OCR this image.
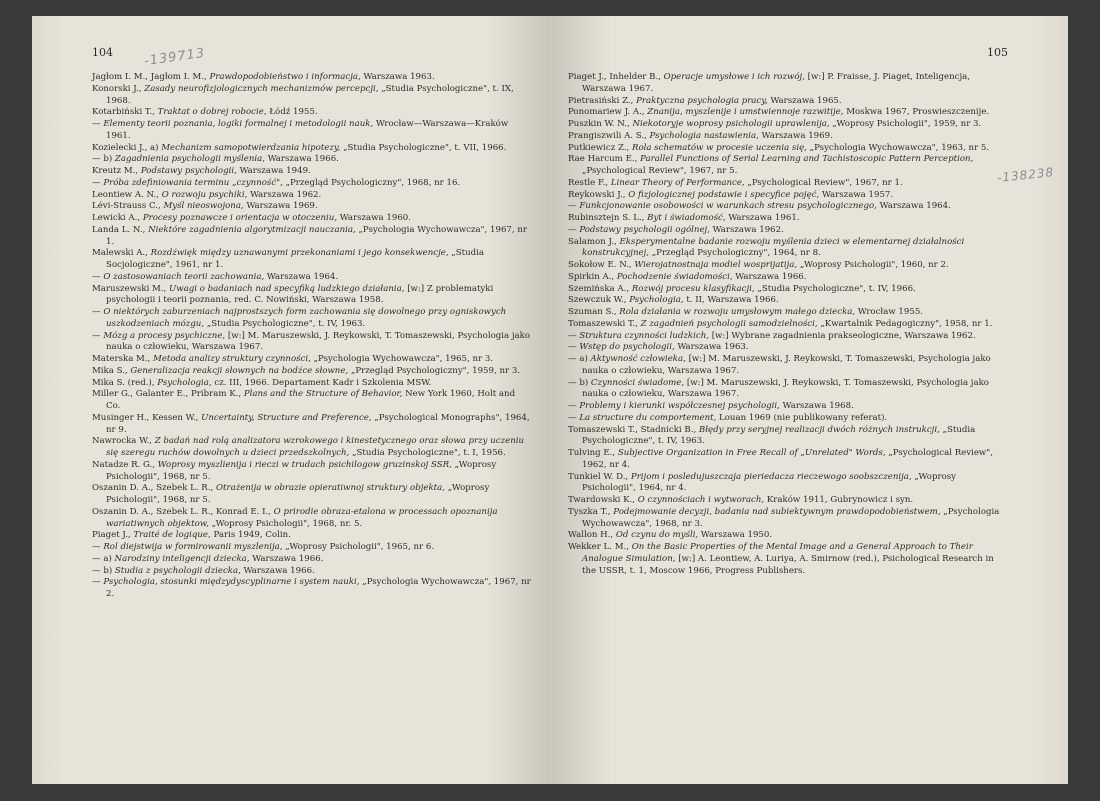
104 -139713

Jagłom I. M., Jagłom I. M., Prawdopodobieństwo i informacja, Warszawa 1963.

Konorski J., Zasady neurofizjologicznych mechanizmów percepcji, „Studia Psychologiczne", t. IX, 1968.

Kotarbiński T., Traktat o dobrej robocie, Łódź 1955.

— Elementy teorii poznania, logiki formalnej i metodologii nauk, Wrocław—Warszawa—Kraków 1961.

Kozielecki J., a) Mechanizm samopotwierdzania hipotezy, „Studia Psychologiczne", t. VII, 1966.

— b) Zagadnienia psychologii myślenia, Warszawa 1966.

Kreutz M., Podstawy psychologii, Warszawa 1949.

— Próba zdefiniowania terminu „czynność", „Przegląd Psychologiczny", 1968, nr 16.

Leontiew A. N., O rozwoju psychiki, Warszawa 1962.

Lévi-Strauss C., Myśl nieoswojona, Warszawa 1969.

Lewicki A., Procesy poznawcze i orientacja w otoczeniu, Warszawa 1960.

Landa L. N., Niektóre zagadnienia algorytmizacji nauczania, „Psychologia Wychowawcza", 1967, nr 1.

Malewski A., Rozdźwięk między uznawanymi przekonaniami i jego konsekwencje, „Studia Socjologiczne", 1961, nr 1.

— O zastosowaniach teorii zachowania, Warszawa 1964.

Maruszewski M., Uwagi o badaniach nad specyfiką ludzkiego działania, [w:] Z problematyki psychologii i teorii poznania, red. C. Nowiński, Warszawa 1958.

— O niektórych zaburzeniach najprostszych form zachowania się dowolnego przy ogniskowych uszkodzeniach mózgu, „Studia Psychologiczne", t. IV, 1963.

— Mózg a procesy psychiczne, [w:] M. Maruszewski, J. Reykowski, T. Tomaszewski, Psychologia jako nauka o człowieku, Warszawa 1967.

Materska M., Metoda analizy struktury czynności, „Psychologia Wychowawcza", 1965, nr 3.

Mika S., Generalizacja reakcji słownych na bodźce słowne, „Przegląd Psychologiczny", 1959, nr 3.

Mika S. (red.), Psychologia, cz. III, 1966. Departament Kadr i Szkolenia MSW.

Miller G., Galanter E., Pribram K., Plans and the Structure of Behavior, New York 1960, Holt and Co.

Musinger H., Kessen W., Uncertainty, Structure and Preference, „Psychological Monographs", 1964, nr 9.

Nawrocka W., Z badań nad rolą analizatora wzrokowego i kinestetycznego oraz słowa przy uczeniu się szeregu ruchów dowolnych u dzieci przedszkolnych, „Studia Psychologiczne", t. I, 1956.

Natadze R. G., Woprosy myszlienija i rieczi w trudach psichilogow gruzinskoj SSR, „Woprosy Psichologii", 1968, nr 5.

Oszanin D. A., Szebek L. R., Otrażenija w obrazie opieratiwnoj struktury objekta, „Woprosy Psichologii", 1968, nr 5.

Oszanin D. A., Szebek L. R., Konrad E. I., O prirodie obraza-etalona w processach opoznanija wariatiwnych objektow, „Woprosy Psichologii", 1968, nr. 5.

Piaget J., Traité de logique, Paris 1949, Colin.

— Rol diejstwija w formirowanii myszlenija, „Woprosy Psichologii", 1965, nr 6.

— a) Narodziny inteligencji dziecka, Warszawa 1966.

— b) Studia z psychologii dziecka, Warszawa 1966.

— Psychologia, stosunki międzydyscyplinarne i system nauki, „Psychologia Wychowawcza", 1967, nr 2.

105
-138238

Piaget J., Inhelder B., Operacje umysłowe i ich rozwój, [w:] P. Fraisse, J. Piaget, Inteligencja, Warszawa 1967.

Pietrasiński Z., Praktyczna psychologia pracy, Warszawa 1965.

Ponomariew J. A., Znanija, myszlenije i umstwiennoje razwitije, Moskwa 1967, Proswieszczenije.

Puszkin W. N., Niekotoryje woprosy psichologii uprawlenija, „Woprosy Psichologii", 1959, nr 3.

Prangiszwili A. S., Psychologia nastawienia, Warszawa 1969.

Putkiewicz Z., Rola schematów w procesie uczenia się, „Psychologia Wychowawcza", 1963, nr 5.

Rae Harcum E., Parallel Functions of Serial Learning and Tachistoscopic Pattern Perception, „Psychological Review", 1967, nr 5.

Restle F., Linear Theory of Performance, „Psychological Review", 1967, nr 1.

Reykowski J., O fizjologicznej podstawie i specyfice pojęć, Warszawa 1957.

— Funkcjonowanie osobowości w warunkach stresu psychologicznego, Warszawa 1964.

Rubinsztejn S. L., Byt i świadomość, Warszawa 1961.

— Podstawy psychologii ogólnej, Warszawa 1962.

Salamon J., Eksperymentalne badanie rozwoju myślenia dzieci w elementarnej działalności konstrukcyjnej, „Przegląd Psychologiczny", 1964, nr 8.

Sokołow E. N., Wierojatnostnaja modiel wosprijatija, „Woprosy Psichologii", 1960, nr 2.

Spirkin A., Pochodzenie świadomości, Warszawa 1966.

Szemińska A., Rozwój procesu klasyfikacji, „Studia Psychologiczne", t. IV, 1966.

Szewczuk W., Psychologia, t. II, Warszawa 1966.

Szuman S., Rola działania w rozwoju umysłowym małego dziecka, Wrocław 1955.

Tomaszewski T., Z zagadnień psychologii samodzielności, „Kwartalnik Pedagogiczny", 1958, nr 1.

— Struktura czynności ludzkich, [w:] Wybrane zagadnienia prakseologiczne, Warszawa 1962.

— Wstęp do psychologii, Warszawa 1963.

— a) Aktywność człowieka, [w:] M. Maruszewski, J. Reykowski, T. Tomaszewski, Psychologia jako nauka o człowieku, Warszawa 1967.

— b) Czynności świadome, [w:] M. Maruszewski, J. Reykowski, T. Tomaszewski, Psychologia jako nauka o człowieku, Warszawa 1967.

— Problemy i kierunki współczesnej psychologii, Warszawa 1968.

— La structure du comportement, Louan 1969 (nie publikowany referat).

Tomaszewski T., Stadnicki B., Błędy przy seryjnej realizacji dwóch różnych instrukcji, „Studia Psychologiczne", t. IV, 1963.

Tulving E., Subjective Organization in Free Recall of „Unrelated" Words, „Psychological Review", 1962, nr 4.

Tunkiel W. D., Prijom i posledujuszczaja pieriedacza rieczewogo soobszczenija, „Woprosy Psichologii", 1964, nr 4.

Twardowski K., O czynnościach i wytworach, Kraków 1911, Gubrynowicz i syn.

Tyszka T., Podejmowanie decyzji, badania nad subiektywnym prawdopodobieństwem, „Psychologia Wychowawcza", 1968, nr 3.

Wallon H., Od czynu do myśli, Warszawa 1950.

Wekker L. M., On the Basic Properties of the Mental Image and a General Approach to Their Analogue Simulation, [w:] A. Leontiew, A. Luriya, A. Smirnow (red.), Psichological Research in the USSR, t. 1, Moscow 1966, Progress Publishers.
